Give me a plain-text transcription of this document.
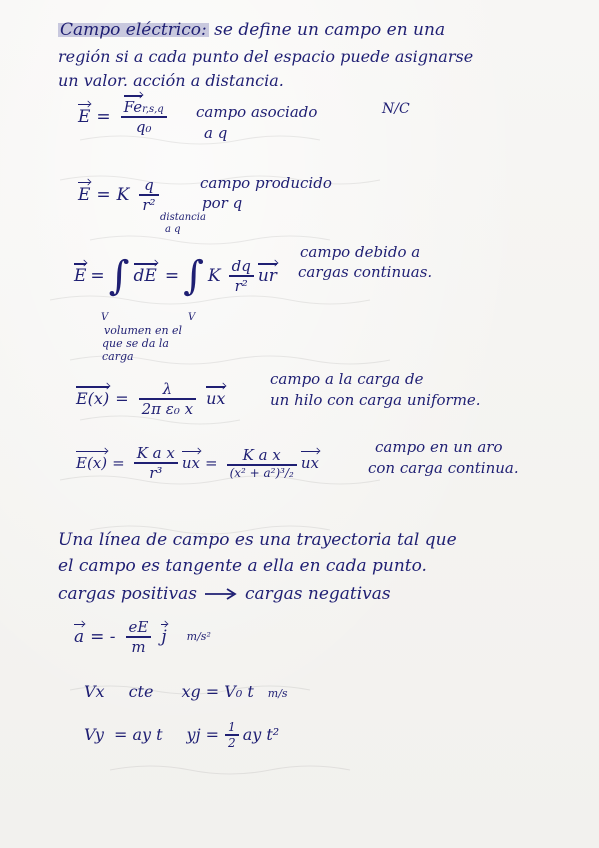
Campo eléctrico: se define un campo en una
región si a cada punto del espacio puede asignarse
un valor. acción a distancia.
$E = \frac{\text{Fer,s,q}}{\text{q₀}}$ campo asociado
a q
N/C
E = K $\frac{q}{\text{r²}}$
distancia
a q
campo producido
por q
E = ∫ dE = ∫ K $\frac{dq}{\text{r²}}$ ur
V	V
volumen en el
que se da la
carga
campo debido a
cargas continuas.
$E(x) = \frac{\lambda}{\text{2π ε₀ x}}$ ux
campo a la carga de
un hilo con carga uniforme.
$E(x) = \frac{\text{K a x}}{\text{r³}}$ ux = $\frac{\text{K a x}}{\text{(x² + a²)³/₂}}$ ux
campo en un aro
con carga continua.
Una línea de campo es una trayectoria tal que
el campo es tangente a ella en cada punto.
cargas positivas	cargas negativas
a = - $\frac{eE}{m}$ j m/s²
Vx cte xg = V₀ t m/s
Vy = ay t yj = $\frac{1}{2}$ ay t²
